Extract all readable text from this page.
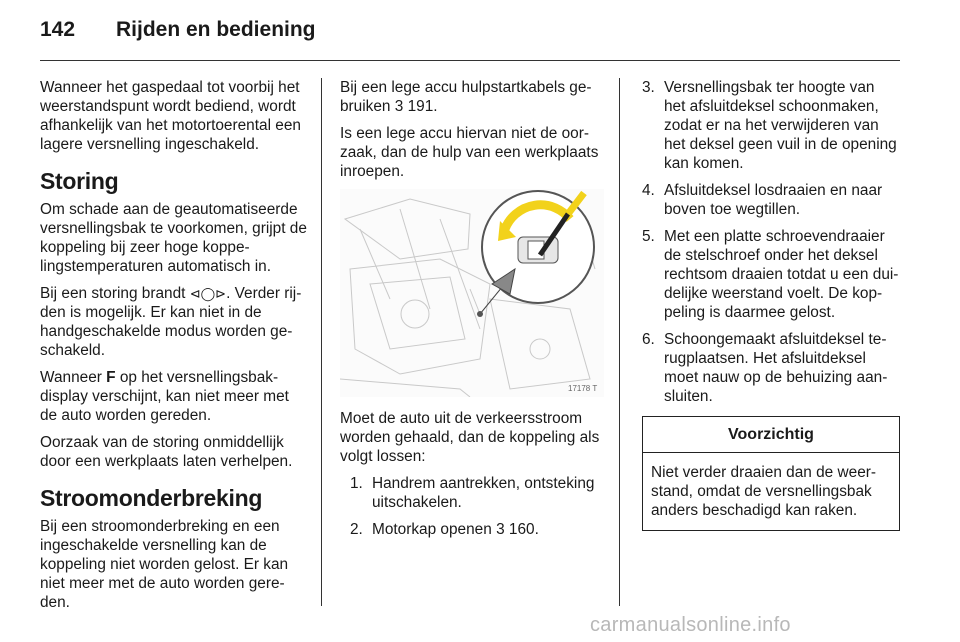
142 Rijden en bediening

Wanneer het gaspedaal tot voorbij het weerstandspunt wordt bediend, wordt afhankelijk van het motortoerental een lagere versnelling ingeschakeld.

Storing

Om schade aan de geautomatiseerde versnellingsbak te voorkomen, grijpt de koppeling bij zeer hoge koppelingstemperaturen automatisch in.

Bij een storing brandt ⊲◯⊳. Verder rijden is mogelijk. Er kan niet in de handgeschakelde modus worden geschakeld.

Wanneer F op het versnellingsbakdisplay verschijnt, kan niet meer met de auto worden gereden.

Oorzaak van de storing onmiddellijk door een werkplaats laten verhelpen.

Stroomonderbreking

Bij een stroomonderbreking en een ingeschakelde versnelling kan de koppeling niet worden gelost. Er kan niet meer met de auto worden gereden.

Bij een lege accu hulpstartkabels gebruiken 3 191.

Is een lege accu hiervan niet de oorzaak, dan de hulp van een werkplaats inroepen.

17178 T

Moet de auto uit de verkeersstroom worden gehaald, dan de koppeling als volgt lossen:

1. Handrem aantrekken, ontsteking uitschakelen.
2. Motorkap openen 3 160.
3. Versnellingsbak ter hoogte van het afsluitdeksel schoonmaken, zodat er na het verwijderen van het deksel geen vuil in de opening kan komen.
4. Afsluitdeksel losdraaien en naar boven toe wegtillen.
5. Met een platte schroevendraaier de stelschroef onder het deksel rechtsom draaien totdat u een duidelijke weerstand voelt. De koppeling is daarmee gelost.
6. Schoongemaakt afsluitdeksel terugplaatsen. Het afsluitdeksel moet nauw op de behuizing aansluiten.
Voorzichtig
Niet verder draaien dan de weerstand, omdat de versnellingsbak anders beschadigd kan raken.
carmanualsonline.info
